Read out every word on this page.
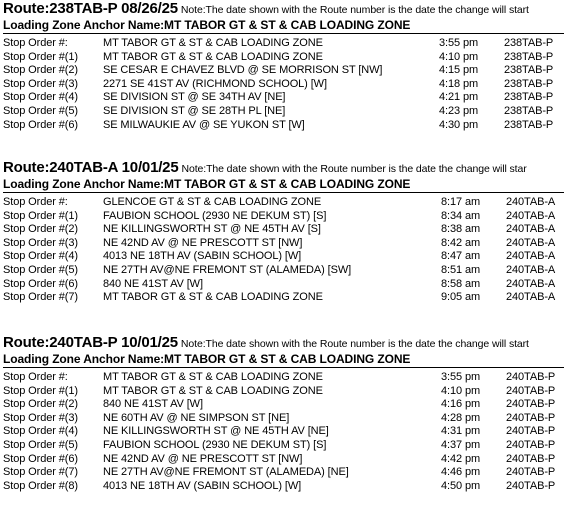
Route:238TAB-P 08/26/25 Note:The date shown with the Route number is the date the change will start
Loading Zone Anchor Name:MT TABOR GT & ST & CAB LOADING ZONE
Stop Order #:	MT TABOR GT & ST & CAB LOADING ZONE	3:55 pm 238TAB-P
Stop Order #(1) MT TABOR GT & ST & CAB LOADING ZONE	4:10 pm 238TAB-P
Stop Order #(2) SE CESAR E CHAVEZ BLVD @ SE MORRISON ST [NW]	4:15 pm 238TAB-P
Stop Order #(3) 2271 SE 41ST AV (RICHMOND SCHOOL) [W]	4:18 pm 238TAB-P
Stop Order #(4) SE DIVISION ST @ SE 34TH AV [NE]	4:21 pm 238TAB-P
Stop Order #(5) SE DIVISION ST @ SE 28TH PL [NE]	4:23 pm 238TAB-P
Stop Order #(6) SE MILWAUKIE AV @ SE YUKON ST [W]	4:30 pm 238TAB-P
Route:240TAB-A 10/01/25 Note:The date shown with the Route number is the date the change will star
Loading Zone Anchor Name:MT TABOR GT & ST & CAB LOADING ZONE
Stop Order #:	GLENCOE GT & ST & CAB LOADING ZONE	8:17 am 240TAB-A
Stop Order #(1) FAUBION SCHOOL (2930 NE DEKUM ST) [S]	8:34 am 240TAB-A
Stop Order #(2) NE KILLINGSWORTH ST @ NE 45TH AV [S]	8:38 am 240TAB-A
Stop Order #(3) NE 42ND AV @ NE PRESCOTT ST [NW]	8:42 am 240TAB-A
Stop Order #(4) 4013 NE 18TH AV (SABIN SCHOOL) [W]	8:47 am 240TAB-A
Stop Order #(5) NE 27TH AV@NE FREMONT ST (ALAMEDA) [SW]	8:51 am 240TAB-A
Stop Order #(6) 840 NE 41ST AV [W]	8:58 am 240TAB-A
Stop Order #(7) MT TABOR GT & ST & CAB LOADING ZONE	9:05 am 240TAB-A
Route:240TAB-P 10/01/25 Note:The date shown with the Route number is the date the change will start
Loading Zone Anchor Name:MT TABOR GT & ST & CAB LOADING ZONE
Stop Order #:	MT TABOR GT & ST & CAB LOADING ZONE	3:55 pm 240TAB-P
Stop Order #(1) MT TABOR GT & ST & CAB LOADING ZONE	4:10 pm 240TAB-P
Stop Order #(2) 840 NE 41ST AV [W]	4:16 pm 240TAB-P
Stop Order #(3) NE 60TH AV @ NE SIMPSON ST [NE]	4:28 pm 240TAB-P
Stop Order #(4) NE KILLINGSWORTH ST @ NE 45TH AV [NE]	4:31 pm 240TAB-P
Stop Order #(5) FAUBION SCHOOL (2930 NE DEKUM ST) [S]	4:37 pm 240TAB-P
Stop Order #(6) NE 42ND AV @ NE PRESCOTT ST [NW]	4:42 pm 240TAB-P
Stop Order #(7) NE 27TH AV@NE FREMONT ST (ALAMEDA) [NE]	4:46 pm 240TAB-P
Stop Order #(8) 4013 NE 18TH AV (SABIN SCHOOL) [W]	4:50 pm 240TAB-P
